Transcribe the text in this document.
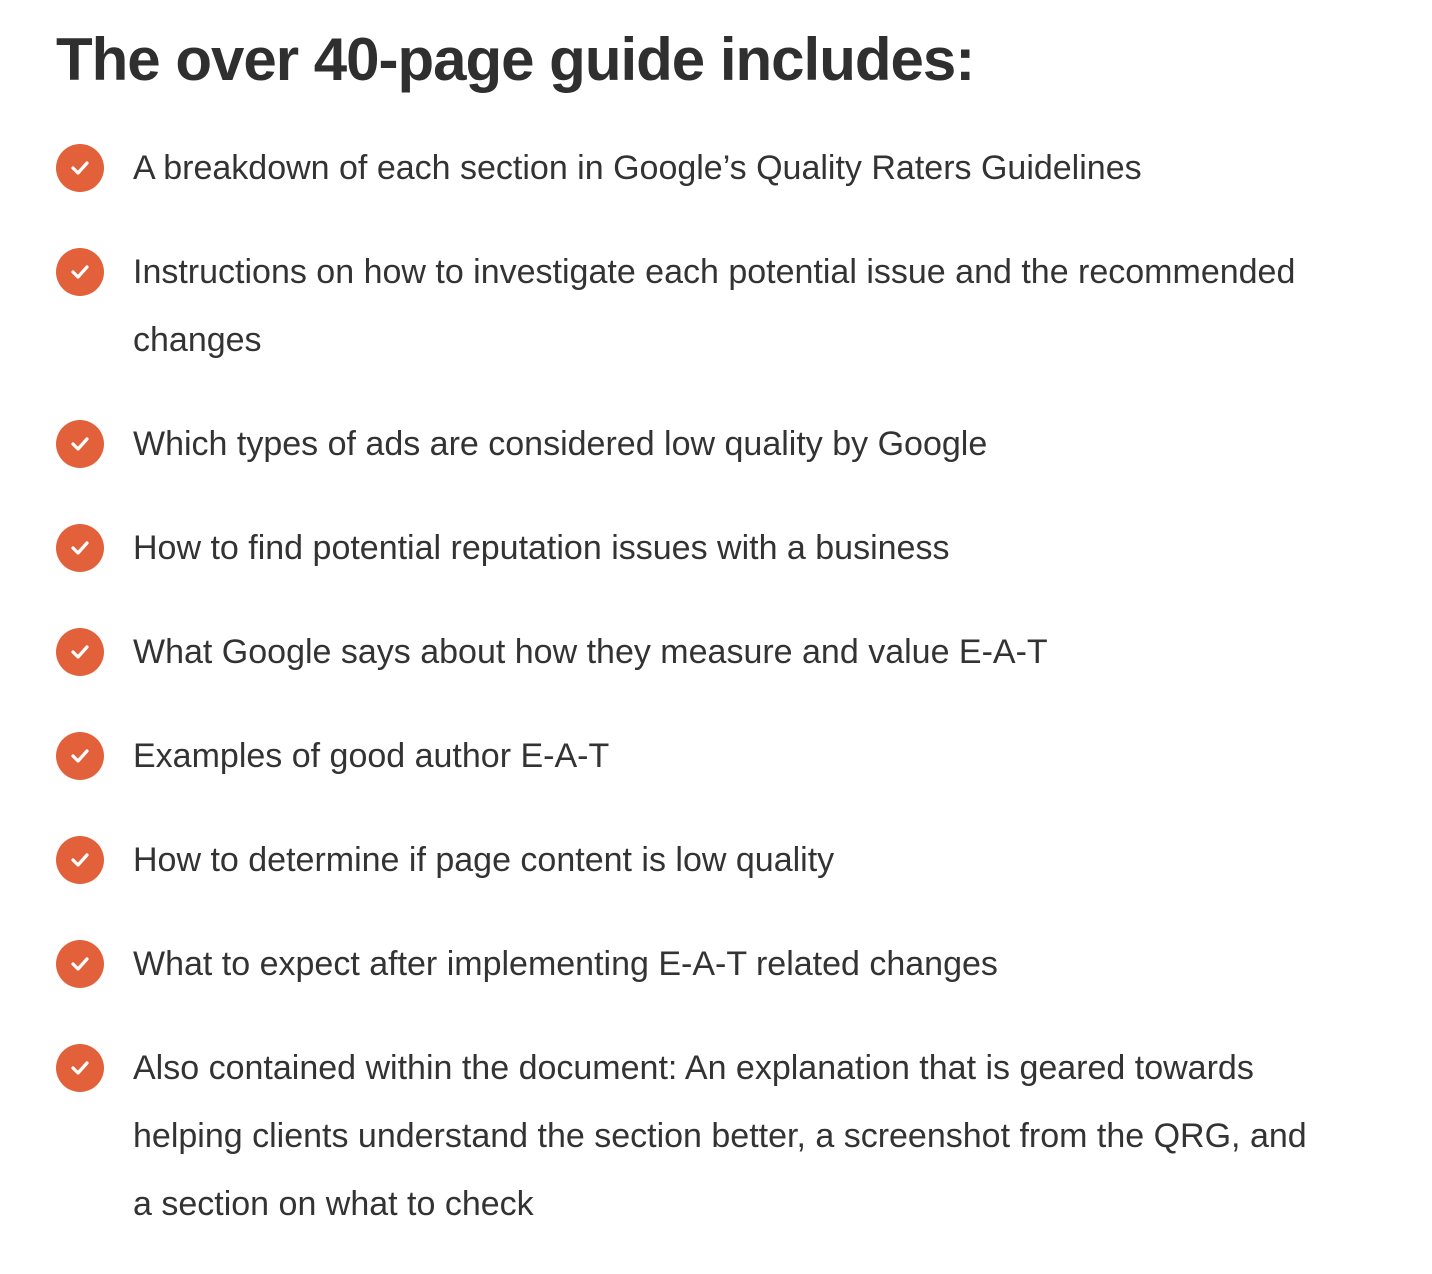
The over 40-page guide includes:
A breakdown of each section in Google’s Quality Raters Guidelines
Instructions on how to investigate each potential issue and the recommended changes
Which types of ads are considered low quality by Google
How to find potential reputation issues with a business
What Google says about how they measure and value E-A-T
Examples of good author E-A-T
How to determine if page content is low quality
What to expect after implementing E-A-T related changes
Also contained within the document: An explanation that is geared towards helping clients understand the section better, a screenshot from the QRG, and a section on what to check
